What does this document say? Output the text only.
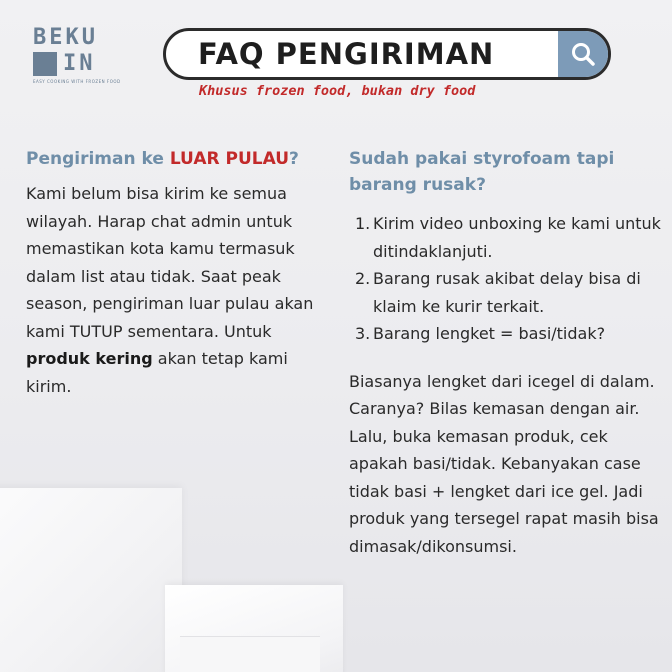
BEKU
IN
EASY COOKING WITH FROZEN FOOD
FAQ PENGIRIMAN
Khusus frozen food, bukan dry food
Pengiriman ke LUAR PULAU?
Kami belum bisa kirim ke semua wilayah. Harap chat admin untuk memastikan kota kamu termasuk dalam list atau tidak. Saat peak season, pengiriman luar pulau akan kami TUTUP sementara. Untuk produk kering akan tetap kami kirim.
Sudah pakai styrofoam tapi barang rusak?
1. Kirim video unboxing ke kami untuk ditindaklanjuti.
2. Barang rusak akibat delay bisa di klaim ke kurir terkait.
3. Barang lengket = basi/tidak?
Biasanya lengket dari icegel di dalam. Caranya? Bilas kemasan dengan air. Lalu, buka kemasan produk, cek apakah basi/tidak. Kebanyakan case tidak basi + lengket dari ice gel. Jadi produk yang tersegel rapat masih bisa dimasak/dikonsumsi.
